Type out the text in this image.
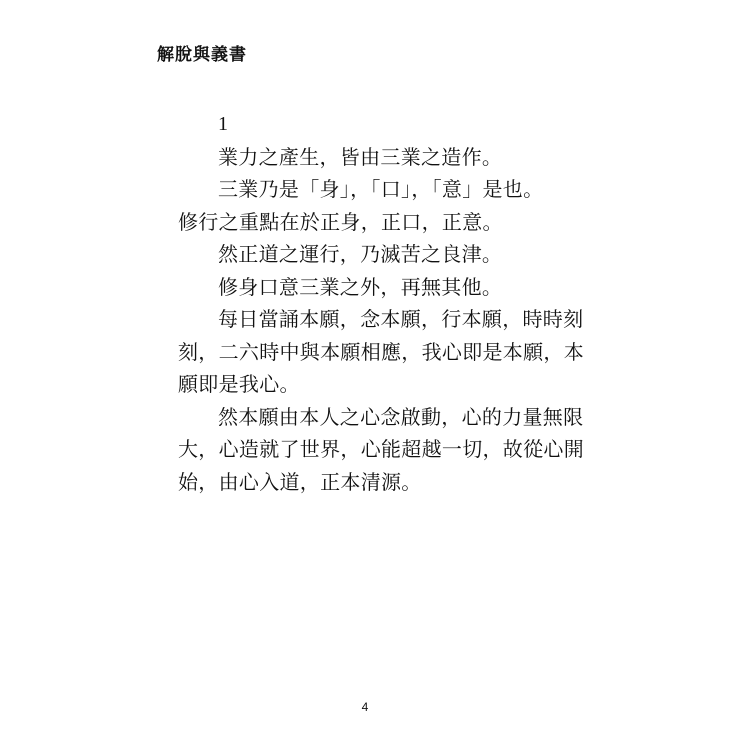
解脫與義書
1
業力之產生，皆由三業之造作。
三業乃是「身」，「口」，「意」是也。
修行之重點在於正身，正口，正意。
然正道之運行，乃滅苦之良津。
修身口意三業之外，再無其他。
每日當誦本願，念本願，行本願，時時刻
刻，二六時中與本願相應，我心即是本願，本
願即是我心。
然本願由本人之心念啟動，心的力量無限
大，心造就了世界，心能超越一切，故從心開
始，由心入道，正本清源。
4
